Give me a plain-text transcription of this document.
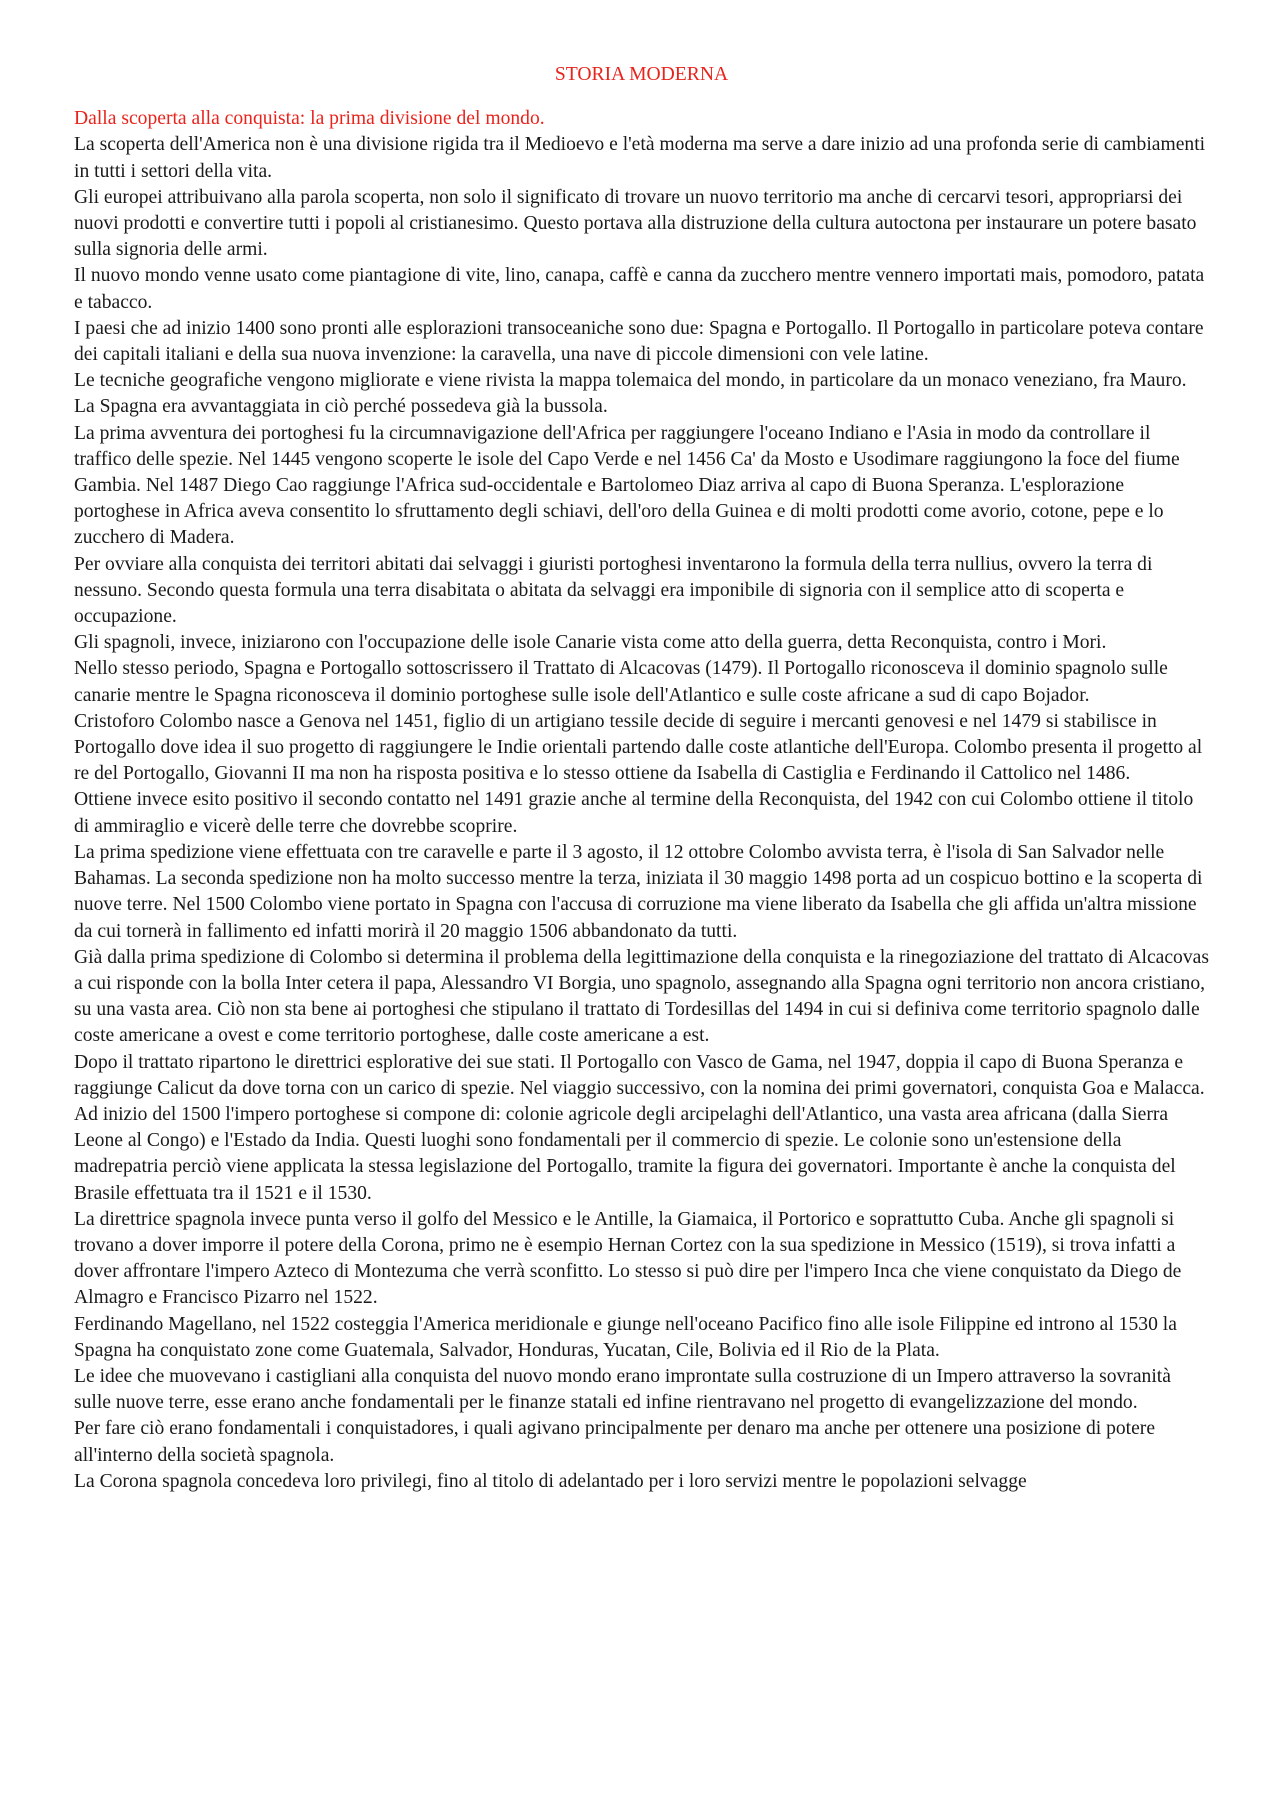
STORIA MODERNA
Dalla scoperta alla conquista: la prima divisione del mondo.

La scoperta dell'America non è una divisione rigida tra il Medioevo e l'età moderna ma serve a dare inizio ad una profonda serie di cambiamenti in tutti i settori della vita.

Gli europei attribuivano alla parola scoperta, non solo il significato di trovare un nuovo territorio ma anche di cercarvi tesori, appropriarsi dei nuovi prodotti e convertire tutti i popoli al cristianesimo. Questo portava alla distruzione della cultura autoctona per instaurare un potere basato sulla signoria delle armi.

Il nuovo mondo venne usato come piantagione di vite, lino, canapa, caffè e canna da zucchero mentre vennero importati mais, pomodoro, patata e tabacco.

I paesi che ad inizio 1400 sono pronti alle esplorazioni transoceaniche sono due: Spagna e Portogallo. Il Portogallo in particolare poteva contare dei capitali italiani e della sua nuova invenzione: la caravella, una nave di piccole dimensioni con vele latine.

Le tecniche geografiche vengono migliorate e viene rivista la mappa tolemaica del mondo, in particolare da un monaco veneziano, fra Mauro. La Spagna era avvantaggiata in ciò perché possedeva già la bussola.

La prima avventura dei portoghesi fu la circumnavigazione dell'Africa per raggiungere l'oceano Indiano e l'Asia in modo da controllare il traffico delle spezie. Nel 1445 vengono scoperte le isole del Capo Verde e nel 1456 Ca' da Mosto e Usodimare raggiungono la foce del fiume Gambia. Nel 1487 Diego Cao raggiunge l'Africa sud-occidentale e Bartolomeo Diaz arriva al capo di Buona Speranza. L'esplorazione portoghese in Africa aveva consentito lo sfruttamento degli schiavi, dell'oro della Guinea e di molti prodotti come avorio, cotone, pepe e lo zucchero di Madera.

Per ovviare alla conquista dei territori abitati dai selvaggi i giuristi portoghesi inventarono la formula della terra nullius, ovvero la terra di nessuno. Secondo questa formula una terra disabitata o abitata da selvaggi era imponibile di signoria con il semplice atto di scoperta e occupazione.

Gli spagnoli, invece, iniziarono con l'occupazione delle isole Canarie vista come atto della guerra, detta Reconquista, contro i Mori.

Nello stesso periodo, Spagna e Portogallo sottoscrissero il Trattato di Alcacovas (1479). Il Portogallo riconosceva il dominio spagnolo sulle canarie mentre le Spagna riconosceva il dominio portoghese sulle isole dell'Atlantico e sulle coste africane a sud di capo Bojador.

Cristoforo Colombo nasce a Genova nel 1451, figlio di un artigiano tessile decide di seguire i mercanti genovesi e nel 1479 si stabilisce in Portogallo dove idea il suo progetto di raggiungere le Indie orientali partendo dalle coste atlantiche dell'Europa. Colombo presenta il progetto al re del Portogallo, Giovanni II ma non ha risposta positiva e lo stesso ottiene da Isabella di Castiglia e Ferdinando il Cattolico nel 1486.

Ottiene invece esito positivo il secondo contatto nel 1491 grazie anche al termine della Reconquista, del 1942 con cui Colombo ottiene il titolo di ammiraglio e vicerè delle terre che dovrebbe scoprire.

La prima spedizione viene effettuata con tre caravelle e parte il 3 agosto, il 12 ottobre Colombo avvista terra, è l'isola di San Salvador nelle Bahamas. La seconda spedizione non ha molto successo mentre la terza, iniziata il 30 maggio 1498 porta ad un cospicuo bottino e la scoperta di nuove terre. Nel 1500 Colombo viene portato in Spagna con l'accusa di corruzione ma viene liberato da Isabella che gli affida un'altra missione da cui tornerà in fallimento ed infatti morirà il 20 maggio 1506 abbandonato da tutti.

Già dalla prima spedizione di Colombo si determina il problema della legittimazione della conquista e la rinegoziazione del trattato di Alcacovas a cui risponde con la bolla Inter cetera il papa, Alessandro VI Borgia, uno spagnolo, assegnando alla Spagna ogni territorio non ancora cristiano, su una vasta area. Ciò non sta bene ai portoghesi che stipulano il trattato di Tordesillas del 1494 in cui si definiva come territorio spagnolo dalle coste americane a ovest e come territorio portoghese, dalle coste americane a est.

Dopo il trattato ripartono le direttrici esplorative dei sue stati. Il Portogallo con Vasco de Gama, nel 1947, doppia il capo di Buona Speranza e raggiunge Calicut da dove torna con un carico di spezie. Nel viaggio successivo, con la nomina dei primi governatori, conquista Goa e Malacca.

Ad inizio del 1500 l'impero portoghese si compone di: colonie agricole degli arcipelaghi dell'Atlantico, una vasta area africana (dalla Sierra Leone al Congo) e l'Estado da India. Questi luoghi sono fondamentali per il commercio di spezie. Le colonie sono un'estensione della madrepatria perciò viene applicata la stessa legislazione del Portogallo, tramite la figura dei governatori. Importante è anche la conquista del Brasile effettuata tra il 1521 e il 1530.

La direttrice spagnola invece punta verso il golfo del Messico e le Antille, la Giamaica, il Portorico e soprattutto Cuba. Anche gli spagnoli si trovano a dover imporre il potere della Corona, primo ne è esempio Hernan Cortez con la sua spedizione in Messico (1519), si trova infatti a dover affrontare l'impero Azteco di Montezuma che verrà sconfitto. Lo stesso si può dire per l'impero Inca che viene conquistato da Diego de Almagro e Francisco Pizarro nel 1522.

Ferdinando Magellano, nel 1522 costeggia l'America meridionale e giunge nell'oceano Pacifico fino alle isole Filippine ed introno al 1530 la Spagna ha conquistato zone come Guatemala, Salvador, Honduras, Yucatan, Cile, Bolivia ed il Rio de la Plata.

Le idee che muovevano i castigliani alla conquista del nuovo mondo erano improntate sulla costruzione di un Impero attraverso la sovranità sulle nuove terre, esse erano anche fondamentali per le finanze statali ed infine rientravano nel progetto di evangelizzazione del mondo.

Per fare ciò erano fondamentali i conquistadores, i quali agivano principalmente per denaro ma anche per ottenere una posizione di potere all'interno della società spagnola.

La Corona spagnola concedeva loro privilegi, fino al titolo di adelantado per i loro servizi mentre le popolazioni selvagge
